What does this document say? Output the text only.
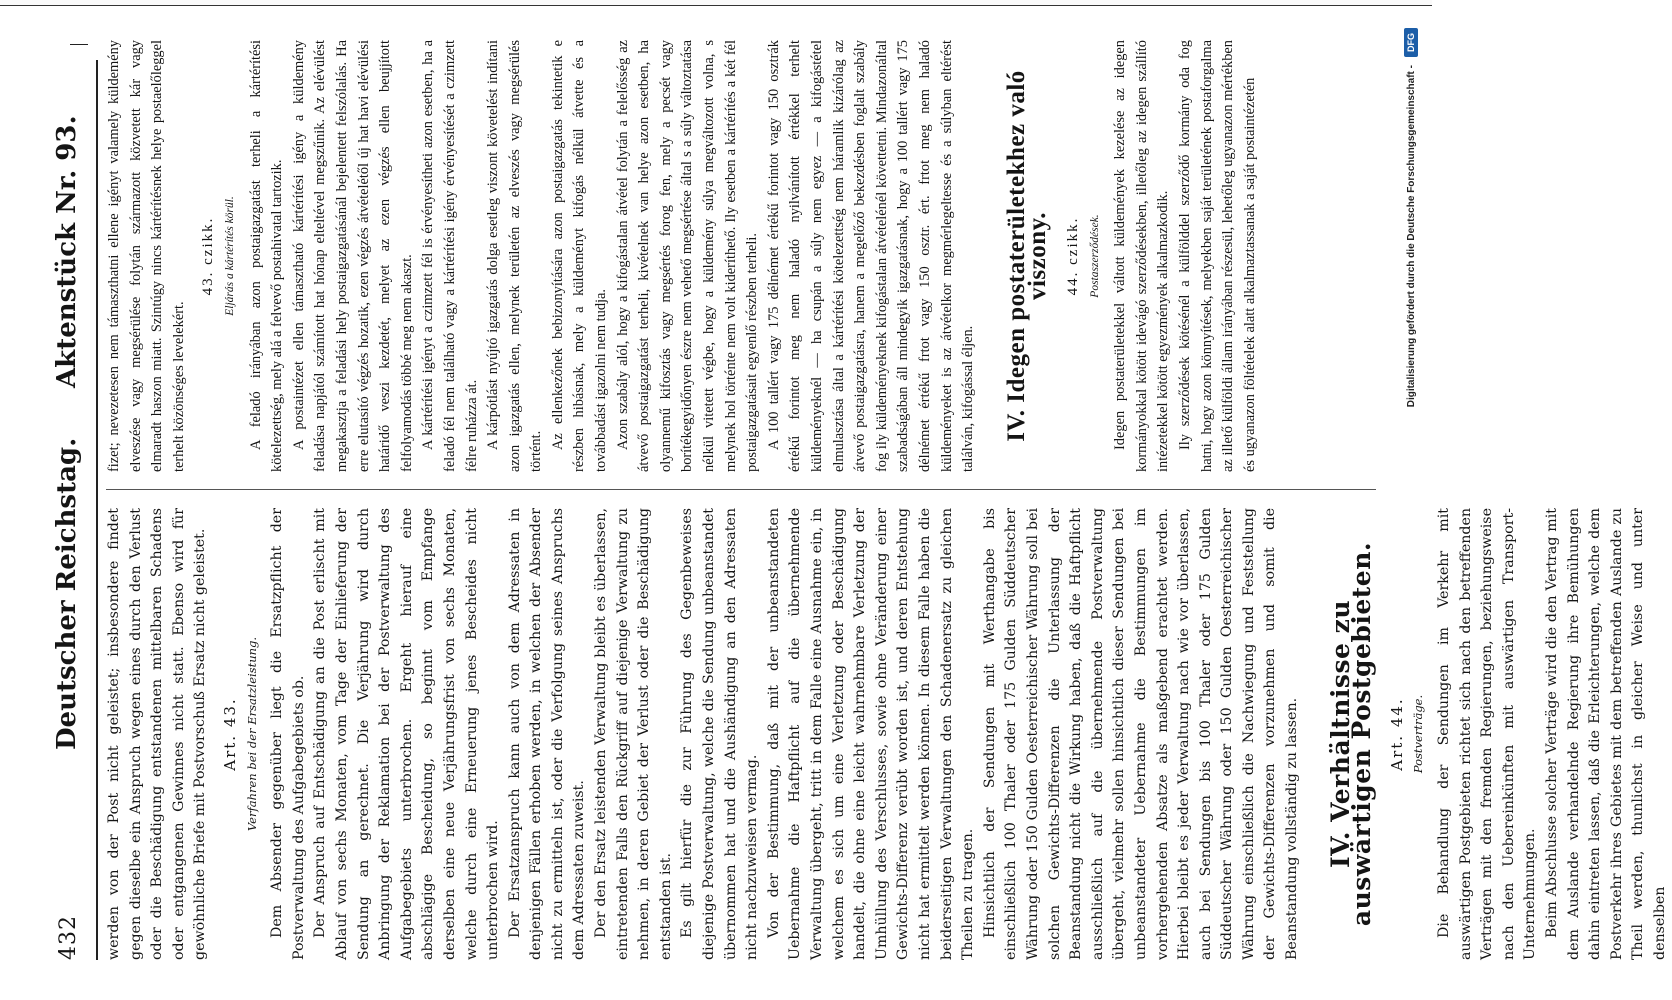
432
Deutscher Reichstag.
Aktenstück Nr. 93.

werden von der Post nicht geleistet; insbesondere findet gegen dieselbe ein Anspruch wegen eines durch den Verlust oder die Beschädigung entstandenen mittelbaren Schadens oder entgangenen Gewinnes nicht statt. Ebenso wird für gewöhnliche Briefe mit Postvorschuß Ersatz nicht geleistet. Art. 43. Verfahren bei der Ersatzleistung. Dem Absender gegenüber liegt die Ersatzpflicht der Postverwaltung des Aufgabegebiets ob. Der Anspruch auf Entschädigung an die Post erlischt mit Ablauf von sechs Monaten, vom Tage der Einlieferung der Sendung an gerechnet. Die Verjährung wird durch Anbringung der Reklamation bei der Postverwaltung des Aufgabegebiets unterbrochen. Ergeht hierauf eine abschlägige Bescheidung, so beginnt vom Empfange derselben eine neue Verjährungsfrist von sechs Monaten, welche durch eine Erneuerung jenes Bescheides nicht unterbrochen wird. Der Ersatzanspruch kann auch von dem Adressaten in denjenigen Fällen erhoben werden, in welchen der Absender nicht zu ermitteln ist, oder die Verfolgung seines Anspruchs dem Adressaten zuweist. Der den Ersatz leistenden Verwaltung bleibt es überlassen, eintretenden Falls den Rückgriff auf diejenige Verwaltung zu nehmen, in deren Gebiet der Verlust oder die Beschädigung entstanden ist. Es gilt hierfür die zur Führung des Gegenbeweises diejenige Postverwaltung, welche die Sendung unbeanstandet übernommen hat und die Aushändigung an den Adressaten nicht nachzuweisen vermag. Von der Bestimmung, daß mit der unbeanstandeten Uebernahme die Haftpflicht auf die übernehmende Verwaltung übergeht, tritt in dem Falle eine Ausnahme ein, in welchem es sich um eine Verletzung oder Beschädigung handelt, die ohne eine leicht wahrnehmbare Verletzung der Umhüllung des Verschlusses, sowie ohne Veränderung einer Gewichts-Differenz verübt worden ist, und deren Entstehung nicht hat ermittelt werden können. In diesem Falle haben die beiderseitigen Verwaltungen den Schadenersatz zu gleichen Theilen zu tragen. Hinsichtlich der Sendungen mit Werthangabe bis einschließlich 100 Thaler oder 175 Gulden Süddeutscher Währung oder 150 Gulden Oesterreichischer Währung soll bei solchen Gewichts-Differenzen die Unterlassung der Beanstandung nicht die Wirkung haben, daß die Haftpflicht ausschließlich auf die übernehmende Postverwaltung übergeht, vielmehr sollen hinsichtlich dieser Sendungen bei unbeanstandeter Uebernahme die Bestimmungen im vorhergehenden Absatze als maßgebend erachtet werden. Hierbei bleibt es jeder Verwaltung nach wie vor überlassen, auch bei Sendungen bis 100 Thaler oder 175 Gulden Süddeutscher Währung oder 150 Gulden Oesterreichischer Währung einschließlich die Nachwiegung und Feststellung der Gewichts-Differenzen vorzunehmen und somit die Beanstandung vollständig zu lassen. IV. Verhältnisse zu auswärtigen Postgebieten. Art. 44. Postverträge. Die Behandlung der Sendungen im Verkehr mit auswärtigen Postgebieten richtet sich nach den betreffenden Verträgen mit den fremden Regierungen, beziehungsweise nach den Uebereinkünften mit auswärtigen Transport-Unternehmungen. Beim Abschlusse solcher Verträge wird die den Vertrag mit dem Auslande verhandelnde Regierung ihre Bemühungen dahin eintreten lassen, daß die Erleichterungen, welche dem Postverkehr ihres Gebietes mit dem betreffenden Auslande zu Theil werden, thunlichst in gleicher Weise und unter denselben

fizet; nevezetesen nem támaszthatni ellene igényt valamely küldemény elveszése vagy megsérülése folytán származott közvetett kár vagy elmaradt haszon miatt. Szintúgy nincs kártérítésnek helye postaelőleggel terhelt közönséges levelekért.

43. czikk. Eljárás a kártérítés körül. A feladó irányában azon postaigazgatást terheli a kártérítési kötelezettség, mely alá a felvevő postahivatal tartozik. A postaintézet ellen támasztható kártérítési igény a küldemény feladása napjától számított hat hónap elteltével megszűnik. Az elévülést megakasztja a feladási hely postaigazgatásánál bejelentett felszólalás. Ha erre elutasító végzés hozatik, ezen végzés átvételétől új hat havi elévülési határidő veszi kezdetét, melyet az ezen végzés ellen beujjított felfolyamodás többé meg nem akaszt. A kártérítési igényt a czimzett fél is érvényesítheti azon esetben, ha a feladó fél nem található vagy a kártérítési igény érvényesítését a czimzett félre ruházza át. A kárpótlást nyújtó igazgatás dolga esetleg viszont követelést indítani azon igazgatás ellen, melynek területén az elveszés vagy megsérülés történt.

Az ellenkezőnek bebizonyítására azon postaigazgatás tekintetik e részben hibásnak, mely a küldeményt kifogás nélkül átvette és a továbbadást igazolni nem tudja. Azon szabály alól, hogy a kifogástalan átvétel folytán a felelősség az átvevő postaigazgatást terheli, kivételnek van helye azon esetben, ha olyannemű kifosztás vagy megsértés forog fen, mely a pecsét vagy borítékegyidőnyen észre nem vehető megsértése által s a súly változtatása nélkül vitetett végbe, hogy a küldemény súlya megváltozott volna, s melynek hol történte nem volt kideríthető. Ily esetben a kártérítés a két fél postaigazgatásait egyenlő részben terheli. A 100 tallért vagy 175 délnémet értékű forintot vagy 150 osztrák értékű forintot meg nem haladó nyilvánított értékkel terhelt küldeményeknél — ha csupán a súly nem egyez — a kifogástétel elmulasztása által a kártérítési kötelezettség nem háramlik kizárólag az átvevő postaigazgatásra, hanem a megelőző bekezdésben foglalt szabály fog ily küldeményeknek kifogástalan átvételénél követtetni. Mindazonáltal szabadságában áll mindegyik igazgatásnak, hogy a 100 tallért vagy 175 délnémet értékű frtot vagy 150 osztr. ért. frtot meg nem haladó küldeményeket is az átvételkor megmérlegeltesse és a súlyban eltérést találván, kifogással éljen. IV. Idegen postaterületekhez való viszony. 44. czikk. Postaszerződések. Idegen postaterületekkel váltott küldemények kezelése az idegen kormányokkal kötött idevágó szerződésekben, illetőleg az idegen szállító intézetekkel kötött egyezmények alkalmazkodik. Ily szerződések kötésénél a külfölddel szerződő kormány oda fog hatni, hogy azon könnyítések, melyekben saját területének postaforgalma az illető külföldi állam irányában részesül, lehetőleg ugyanazon mértékben és ugyanazon föltételek alatt alkalmaztassanak a saját postaintézetén	Digitalisierung gefördert durch die Deutsche Forschungsgemeinschaft -DFG
